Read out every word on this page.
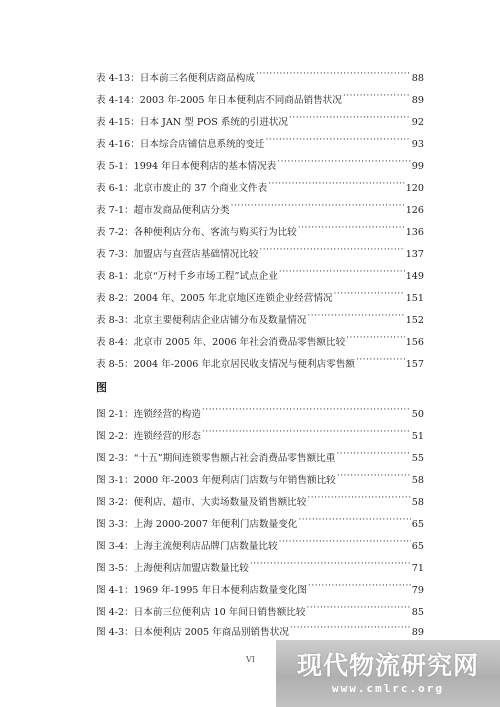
表 4-13：日本前三名便利店商品构成 ·····	88
表 4-14：2003 年-2005 年日本便利店不同商品销售状况 ·····	89
表 4-15：日本 JAN 型 POS 系统的引进状况 ·····	92
表 4-16：日本综合店铺信息系统的变迁 ·····	93
表 5-1：1994 年日本便利店的基本情况表 ·····	99
表 6-1：北京市废止的 37 个商业文件表 ·····	120
表 7-1：超市发商品便利店分类 ·····	126
表 7-2：各种便利店分布、客流与购买行为比较 ·····	136
表 7-3：加盟店与直营店基础情况比较 ·····	137
表 8-1：北京“万村千乡市场工程”试点企业 ·····	149
表 8-2：2004 年、2005 年北京地区连锁企业经营情况 ·····	151
表 8-3：北京主要便利店企业店铺分布及数量情况 ·····	152
表 8-4：北京市 2005 年、2006 年社会消费品零售额比较 ·····	156
表 8-5：2004 年-2006 年北京居民收支情况与便利店零售额 ·····	157
图
图 2-1：连锁经营的构造 ·····	50
图 2-2：连锁经营的形态 ·····	51
图 2-3：“十五”期间连锁零售额占社会消费品零售额比重 ·····	55
图 3-1：2000 年-2003 年便利店门店数与年销售额比较 ·····	58
图 3-2：便利店、超市、大卖场数量及销售额比较 ·····	58
图 3-3：上海 2000-2007 年便利门店数量变化 ·····	65
图 3-4：上海主流便利店品牌门店数量比较 ·····	65
图 3-5：上海便利店加盟店数量比较 ·····	71
图 4-1：1969 年-1995 年日本便利店数量变化图 ·····	79
图 4-2：日本前三位便利店 10 年间日销售额比较 ·····	85
图 4-3：日本便利店 2005 年商品别销售状况 ·····	89
VI	现代物流研究网
www.cmlrc.org
